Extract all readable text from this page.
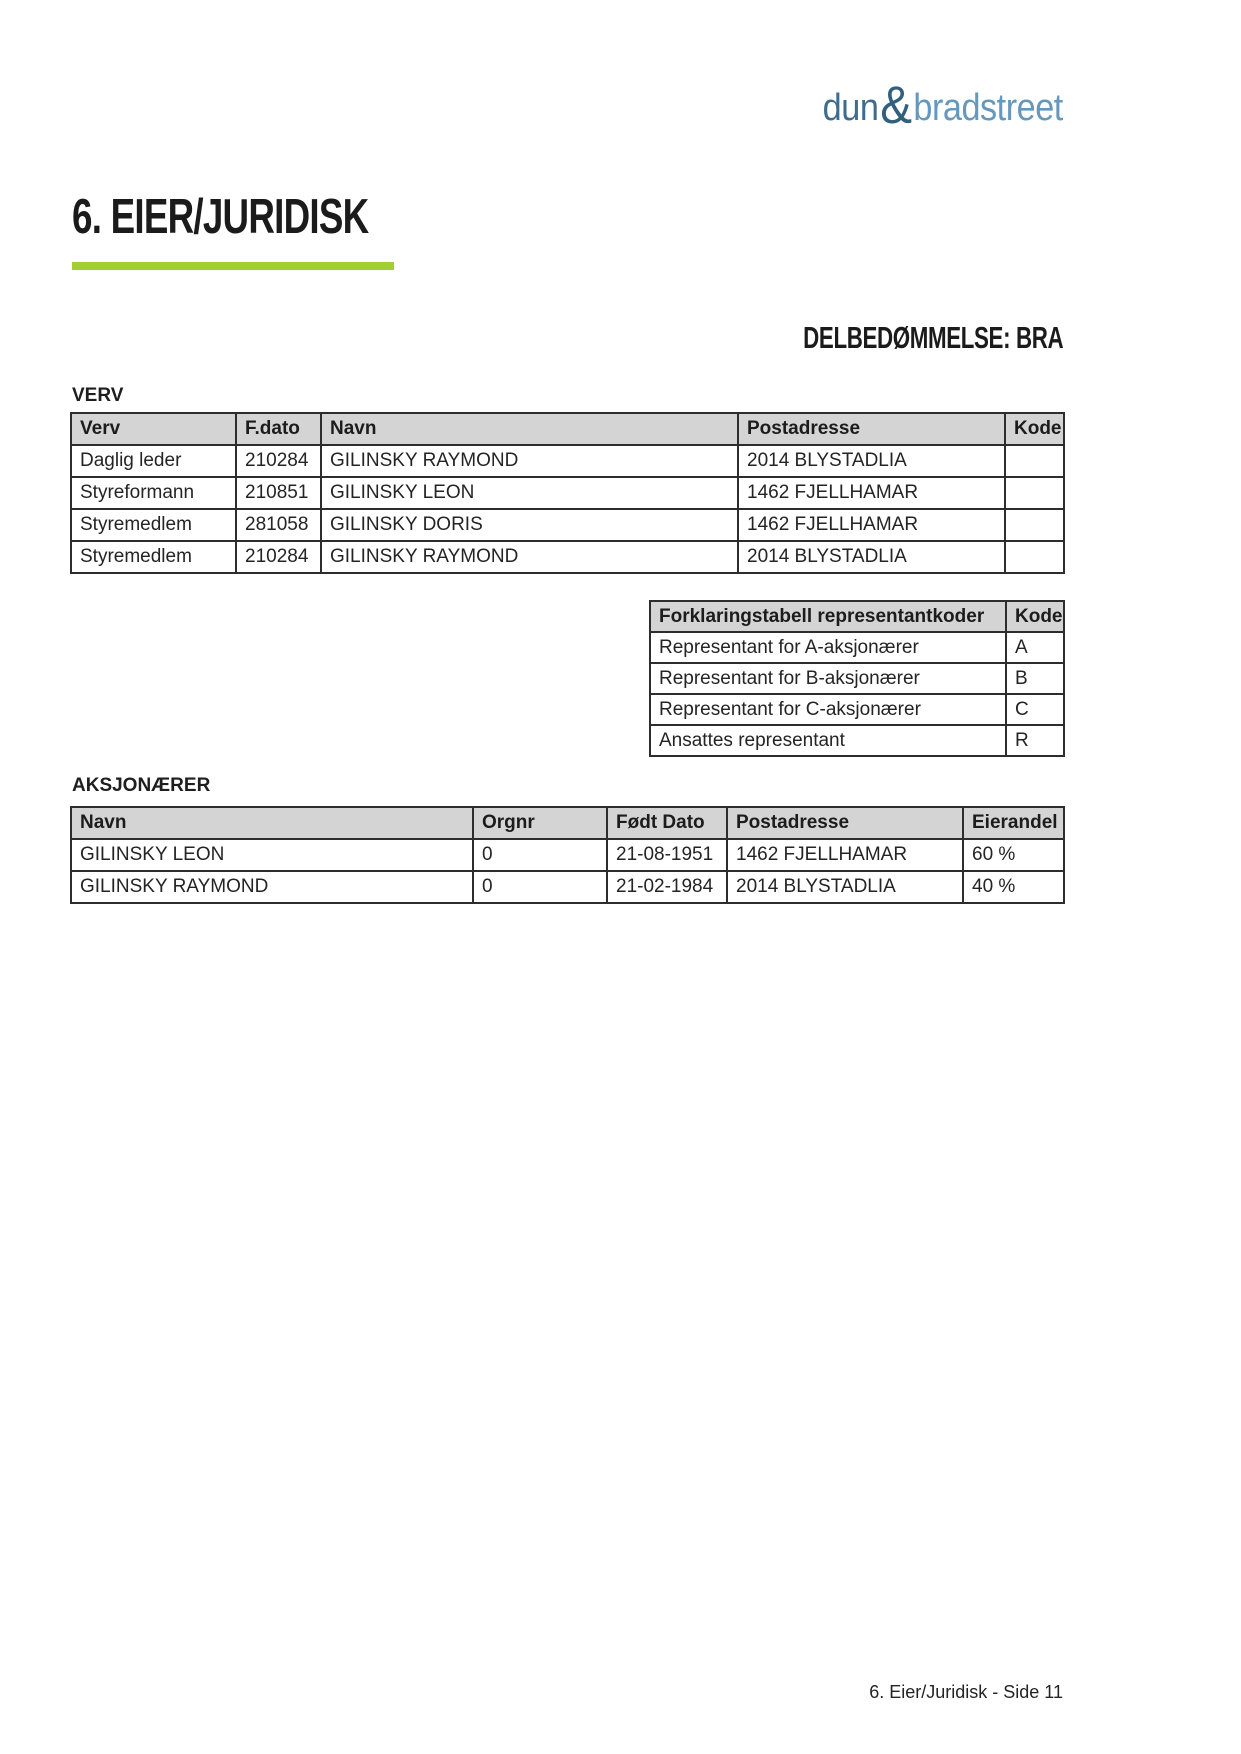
dun & bradstreet
6. EIER/JURIDISK
DELBEDØMMELSE: BRA
VERV
Verv	F.dato	Navn	Postadresse	Kode
Daglig leder	210284	GILINSKY RAYMOND	2014 BLYSTADLIA	
Styreformann	210851	GILINSKY LEON	1462 FJELLHAMAR	
Styremedlem	281058	GILINSKY DORIS	1462 FJELLHAMAR	
Styremedlem	210284	GILINSKY RAYMOND	2014 BLYSTADLIA	
Forklaringstabell representantkoder	Kode
Representant for A-aksjonærer	A
Representant for B-aksjonærer	B
Representant for C-aksjonærer	C
Ansattes representant	R
AKSJONÆRER
Navn	Orgnr	Født Dato	Postadresse	Eierandel
GILINSKY LEON	0	21-08-1951	1462 FJELLHAMAR	60 %
GILINSKY RAYMOND	0	21-02-1984	2014 BLYSTADLIA	40 %
6. Eier/Juridisk - Side 11
